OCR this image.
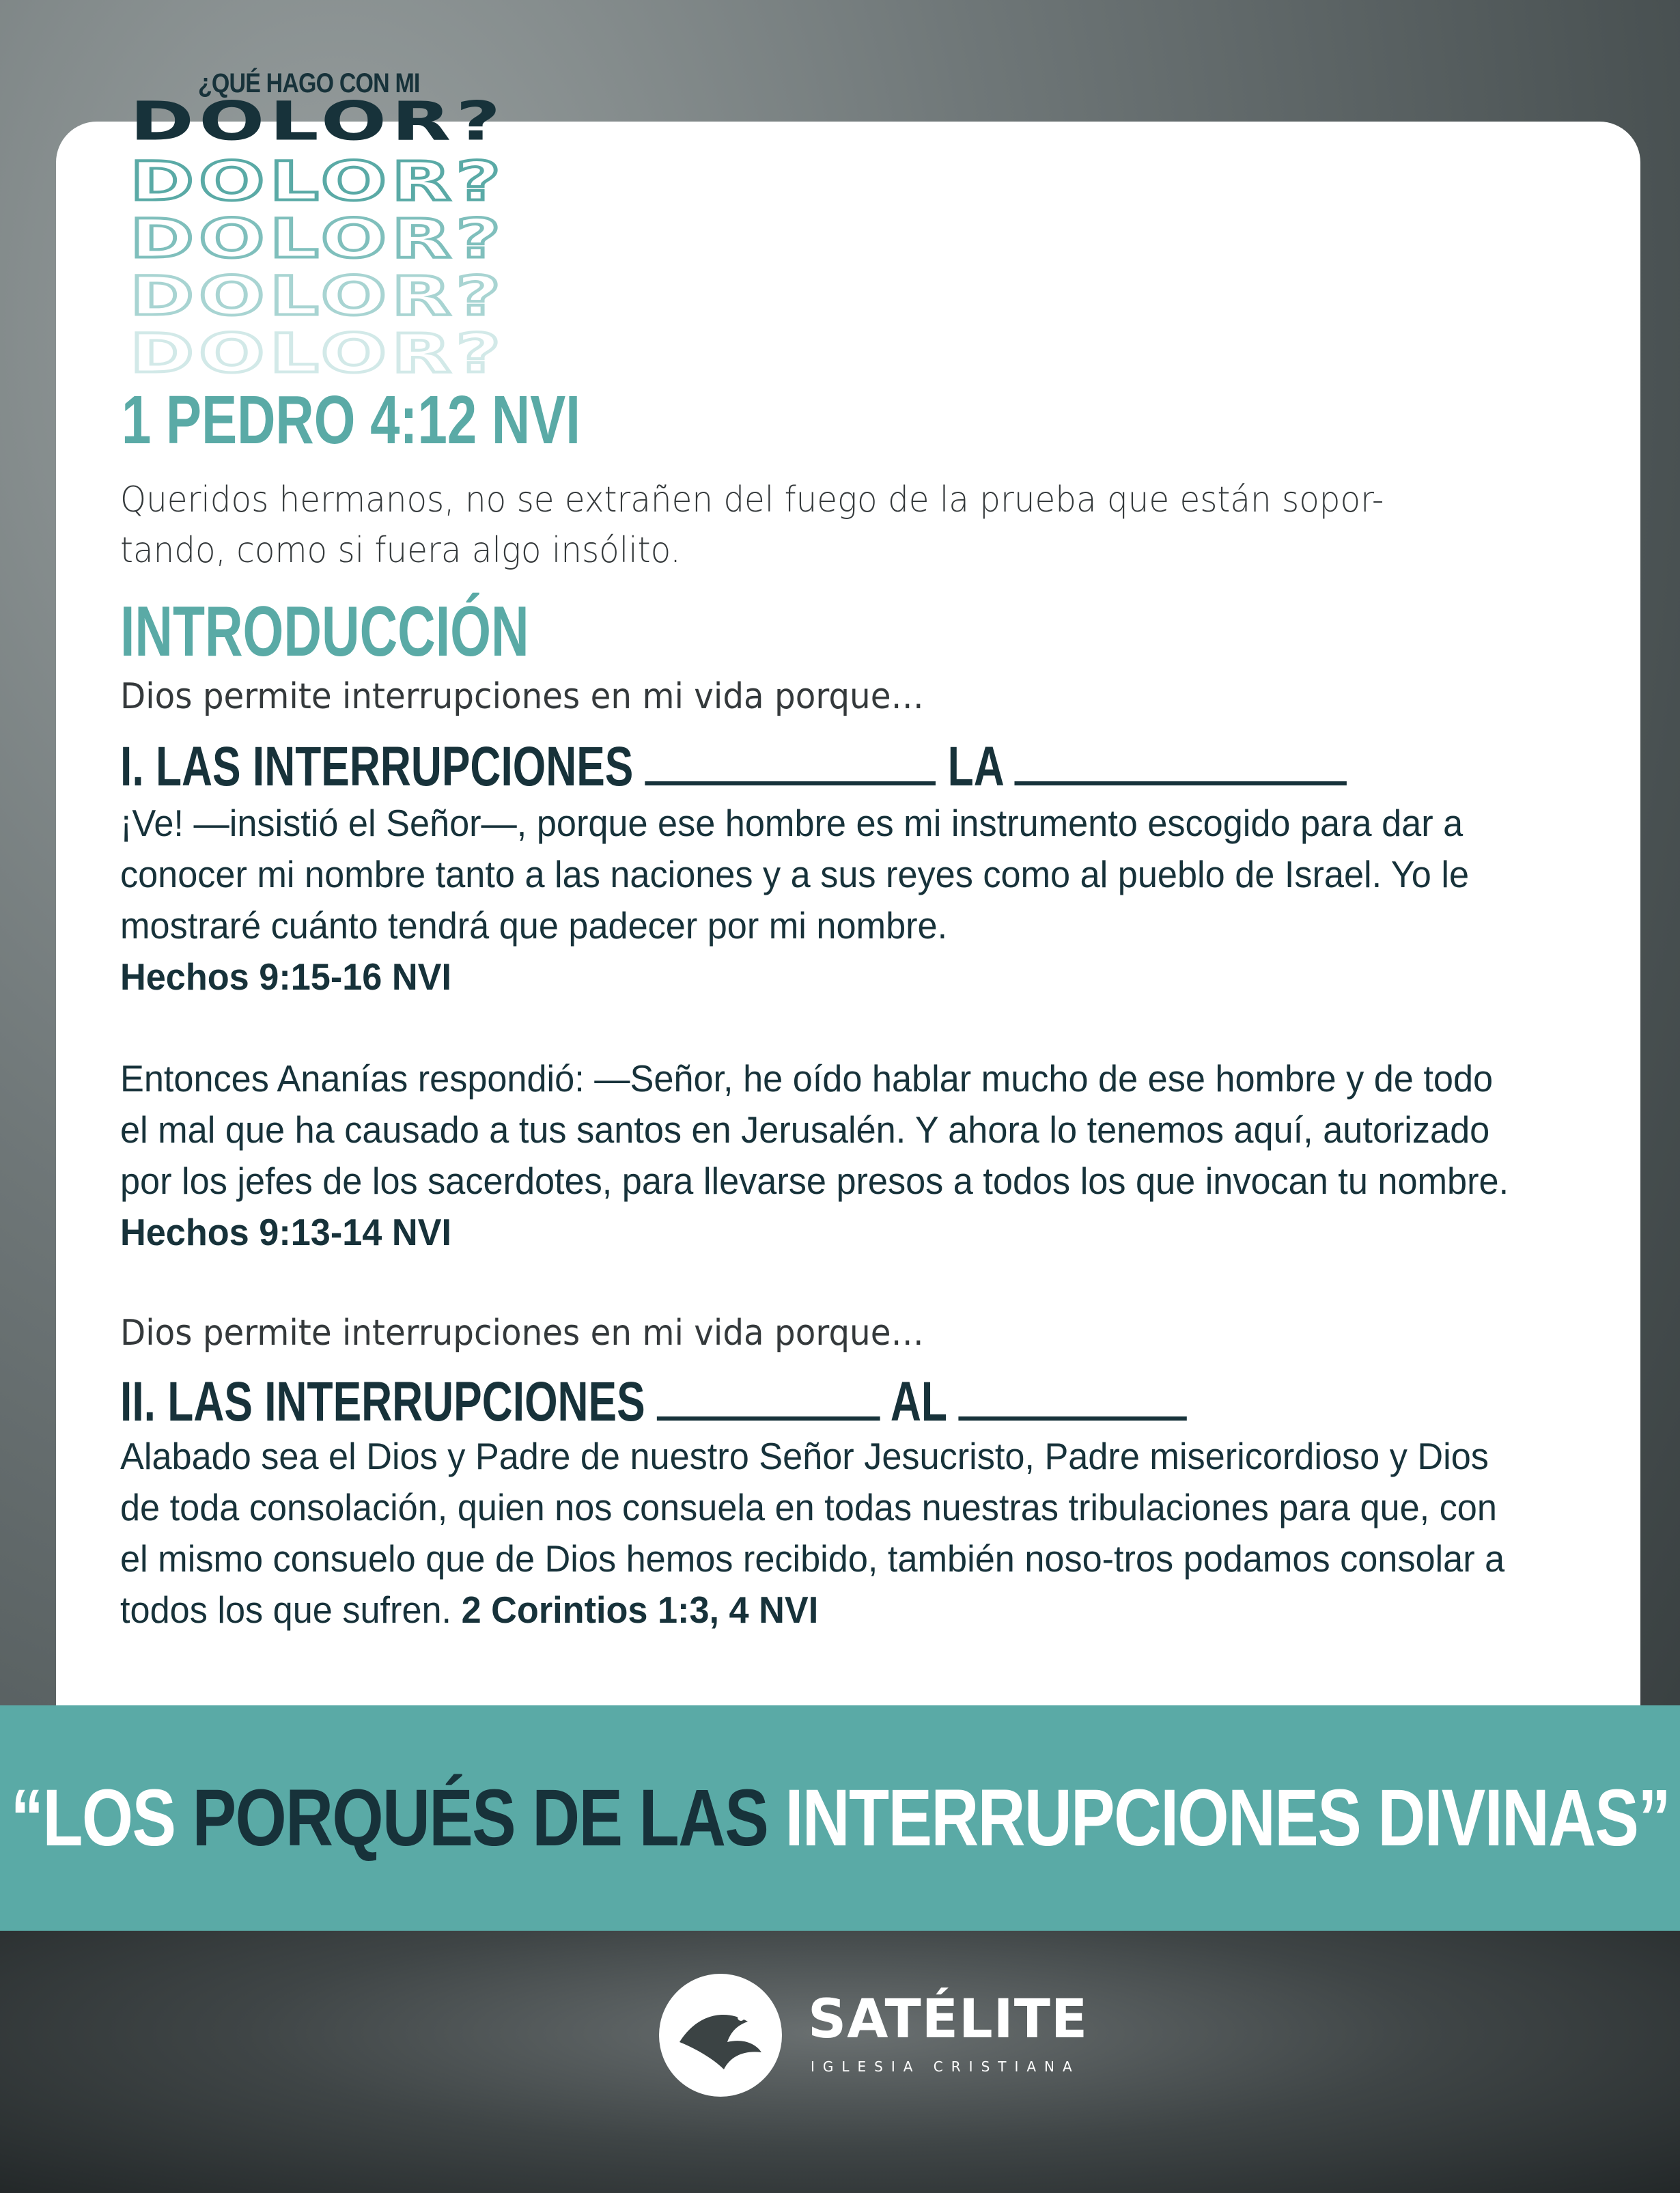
¿QUÉ HAGO CON MI
DOLOR?
DOLOR?
DOLOR?
DOLOR?
DOLOR?
1 PEDRO 4:12 NVI
Queridos hermanos, no se extrañen del fuego de la prueba que están sopor-tando, como si fuera algo insólito.
INTRODUCCIÓN
Dios permite interrupciones en mi vida porque…
I. LAS INTERRUPCIONES	LA
¡Ve! —insistió el Señor—, porque ese hombre es mi instrumento escogido para dar a conocer mi nombre tanto a las naciones y a sus reyes como al pueblo de Israel. Yo le mostraré cuánto tendrá que padecer por mi nombre.
Hechos 9:15-16 NVI
Entonces Ananías respondió: —Señor, he oído hablar mucho de ese hombre y de todo el mal que ha causado a tus santos en Jerusalén. Y ahora lo tenemos aquí, autorizado por los jefes de los sacerdotes, para llevarse presos a todos los que invocan tu nombre. Hechos 9:13-14 NVI
Dios permite interrupciones en mi vida porque…
II. LAS INTERRUPCIONES	AL
Alabado sea el Dios y Padre de nuestro Señor Jesucristo, Padre misericordioso y Dios de toda consolación, quien nos consuela en todas nuestras tribulaciones para que, con el mismo consuelo que de Dios hemos recibido, también noso-tros podamos consolar a todos los que sufren. 2 Corintios 1:3, 4 NVI
“LOS PORQUÉS DE LAS INTERRUPCIONES DIVINAS”
SATÉLITE
IGLESIA CRISTIANA
